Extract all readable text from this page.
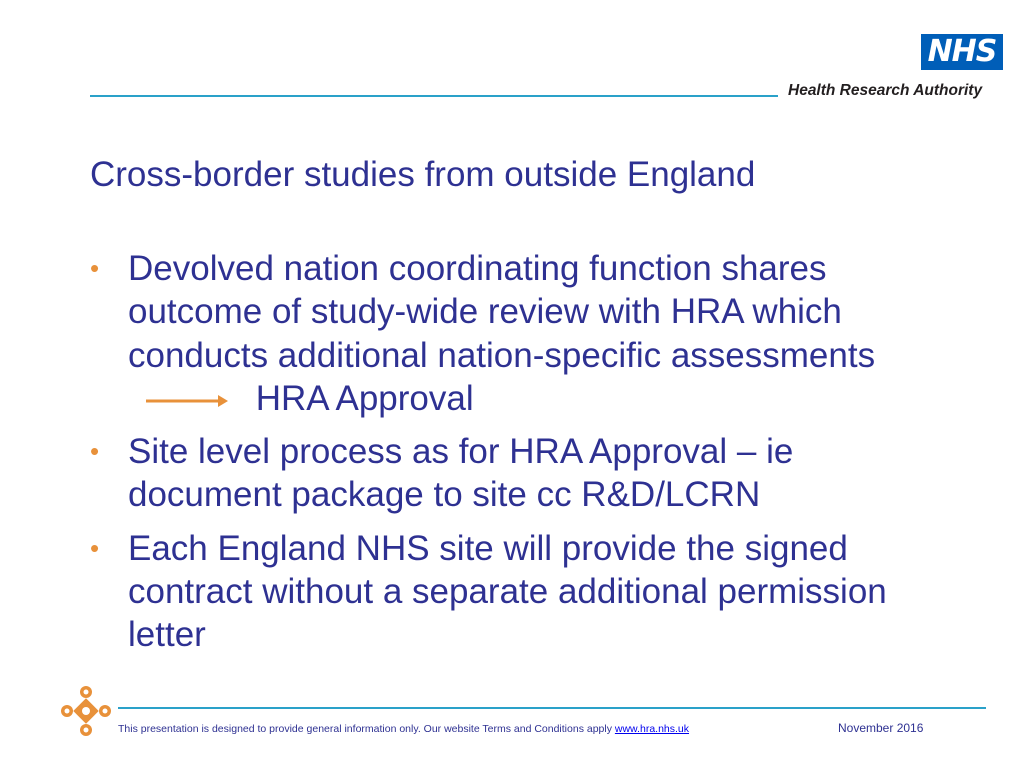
NHS
Health Research Authority
Cross-border studies from outside England
• Devolved nation coordinating function shares outcome of study-wide review with HRA which conducts additional nation-specific assessments
HRA Approval
• Site level process as for HRA Approval – ie document package to site cc R&D/LCRN
• Each England NHS site will provide the signed contract without a separate additional permission letter
This presentation is designed to provide general information only. Our website Terms and Conditions apply www.hra.nhs.uk	November 2016
